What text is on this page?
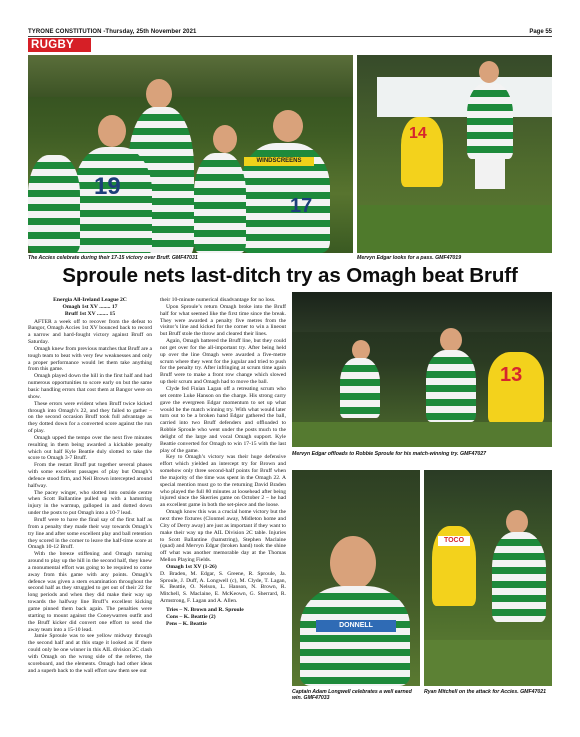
TYRONE CONSTITUTION -Thursday, 25th November 2021	Page 55
RUGBY
19
WINDSCREENS
17
The Accies celebrate during their 17-15 victory over Bruff. GMF47031
14
Mervyn Edgar looks for a pass. GMF47019
Sproule nets last-ditch try as Omagh beat Bruff

Energia All-Ireland League 2C

Omagh 1st XV ........ 17

Bruff 1st XV ........ 15

AFTER a week off to recover from the defeat to Bangor, Omagh Accies 1st XV bounced back to record a narrow and hard-fought victory against Bruff on Saturday.

Omagh knew from previous matches that Bruff are a tough team to beat with very few weaknesses and only a proper performance would let them take anything from this game.

Omagh played down the hill in the first half and had numerous opportunities to score early on but the same basic handling errors that cost them at Bangor were on show.

These errors were evident when Bruff twice kicked through into Omagh’s 22, and they failed to gather – on the second occasion Bruff took full advantage as they dotted down for a converted score against the run of play.

Omagh upped the tempo over the next five minutes resulting in them being awarded a kickable penalty which out half Kyle Beattie duly slotted to take the score to Omagh 3-7 Bruff.

From the restart Bruff put together several phases with some excellent passages of play but Omagh’s defence stood firm, and Neil Brown intercepted around halfway.

The pacey winger, who slotted into outside centre when Scott Ballantine pulled up with a hamstring injury in the warmup, galloped in and dotted down under the posts to put Omagh into a 10-7 lead.

Bruff were to have the final say of the first half as from a penalty they made their way towards Omagh’s try line and after some excellent play and ball retention they scored in the corner to leave the half-time score at Omagh 10-12 Bruff.

With the breeze stiffening and Omagh turning around to play up the hill in the second half, they knew a monumental effort was going to be required to come away from this game with any points. Omagh’s defence was given a stern examination throughout the second half as they struggled to get out of their 22 for long periods and when they did make their way up towards the halfway line Bruff’s excellent kicking game pinned them back again. The penalties were starting to mount against the Coneywarren outfit and the Bruff kicker did convert one effort to send the away team into a 15-10 lead.

Jamie Sproule was to see yellow midway through the second half and at this stage it looked as if there could only be one winner in this AIL division 2C clash with Omagh on the wrong side of the referee, the scoreboard, and the elements. Omagh had other ideas and a superb back to the wall effort saw them see out

their 10-minute numerical disadvantage for no loss.

Upon Sproule’s return Omagh broke into the Bruff half for what seemed like the first time since the break. They were awarded a penalty five metres from the visitor’s line and kicked for the corner to win a lineout but Bruff stole the throw and cleared their lines.

Again, Omagh battered the Bruff line, but they could not get over for the all-important try. After being held up over the line Omagh were awarded a five-metre scrum where they went for the jugular and tried to push for the penalty try. After infringing at scrum time again Bruff were to make a front row change which slowed up their scrum and Omagh had to move the ball.

Clyde fed Finian Lagan off a retreating scrum who set centre Luke Hanson on the charge. His strong carry gave the evergreen Edgar momentum to set up what would be the match winning try. With what would later turn out to be a broken hand Edgar gathered the ball, carried into two Bruff defenders and offloaded to Robbie Sproule who went under the posts much to the delight of the large and vocal Omagh support. Kyle Beattie converted for Omagh to win 17-15 with the last play of the game.

Key to Omagh’s victory was their huge defensive effort which yielded an intercept try for Brown and somehow only three second-half points for Bruff when the majority of the time was spent in the Omagh 22. A special mention must go to the returning David Braden who played the full 80 minutes at loosehead after being injured since the Skerries game on October 2 – he had an excellent game in both the set-piece and the loose.

Omagh know this was a crucial home victory but the next three fixtures (Clonmel away, Midleton home and City of Derry away) are just as important if they want to make their way up the AIL Division 2C table. Injuries to Scott Ballantine (hamstring), Stephen Maclaine (quad) and Mervyn Edgar (broken hand) took the shine off what was another memorable day at the Thomas Mellon Playing Fields.

Omagh 1st XV (1-26)

D. Braden, M. Edgar, S. Greene, R. Sproule, Ja. Sproule, J. Duff, A. Longwell (c), M. Clyde, T. Lagan, K. Beattie, O. Nelson, L. Hanson, N. Brown, R. Mitchell, S. Maclaine, E. McKeown, G. Sherrard, R. Armstrong, F. Lagan and A. Allen.

Tries – N. Brown and R. Sproule

Cons – K. Beattie (2)

Pens – K. Beattie

13
Mervyn Edgar offloads to Robbie Sproule for his match-winning try. GMF47027
DONNELL
Captain Adam Longwell celebrates a well earned win. GMF47033
TOCO
Ryan Mitchell on the attack for Accies. GMF47021
